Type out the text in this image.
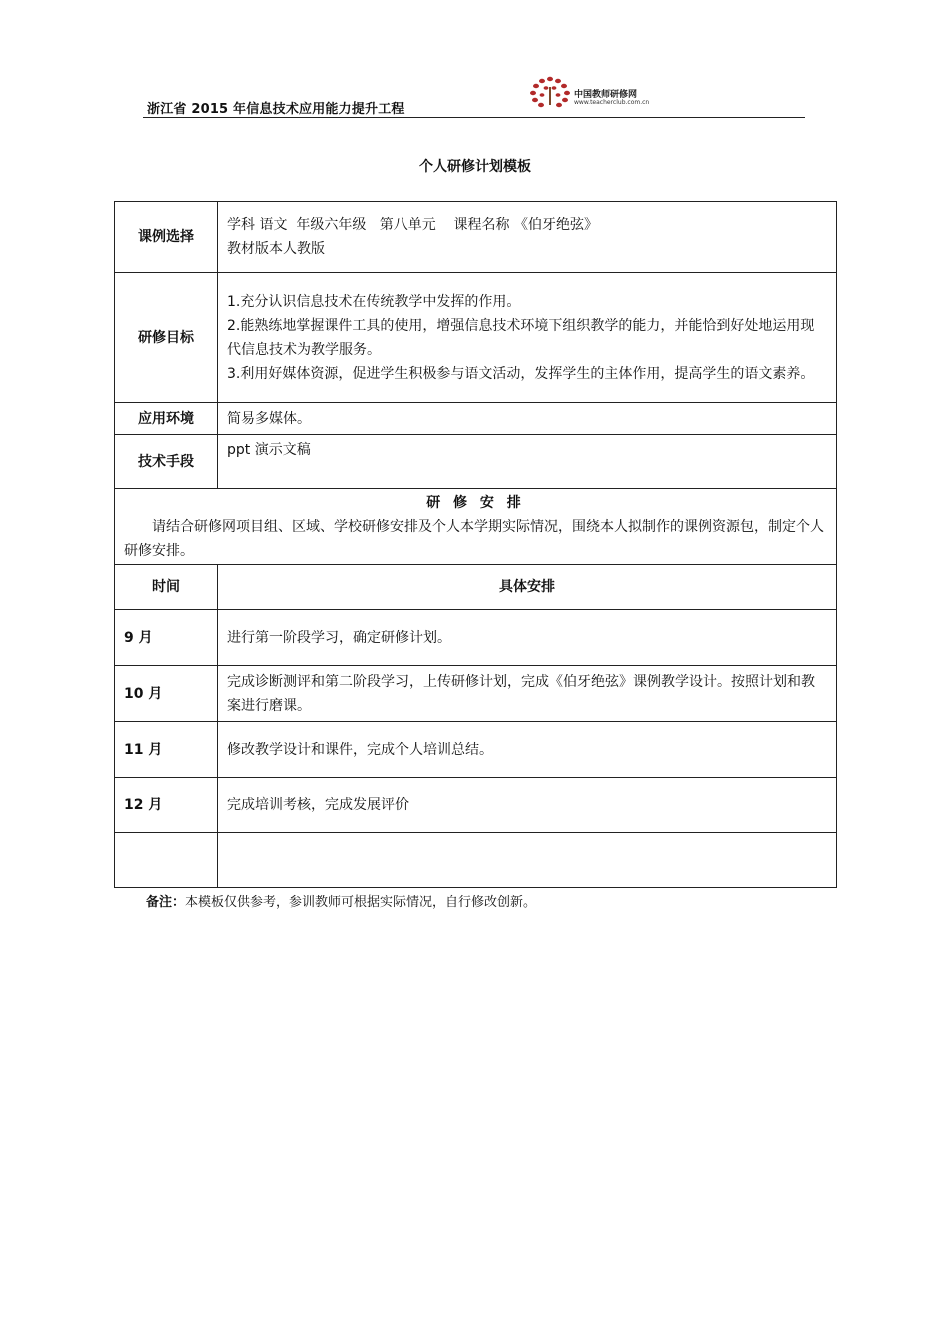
浙江省 2015 年信息技术应用能力提升工程
中国教师研修网
www.teacherclub.com.cn
个人研修计划模板
课例选择	学科 语文  年级六年级   第八单元    课程名称 《伯牙绝弦》
教材版本人教版

研修目标	1.充分认识信息技术在传统教学中发挥的作用。
2.能熟练地掌握课件工具的使用，增强信息技术环境下组织教学的能力，并能恰到好处地运用现代信息技术为教学服务。
3.利用好媒体资源，促进学生积极参与语文活动，发挥学生的主体作用，提高学生的语文素养。

应用环境	简易多媒体。
技术手段	ppt 演示文稿

研 修 安 排
请结合研修网项目组、区域、学校研修安排及个人本学期实际情况，围绕本人拟制作的课例资源包，制定个人研修安排。	

时间	具体安排
9 月	进行第一阶段学习，确定研修计划。
10 月	完成诊断测评和第二阶段学习，上传研修计划，完成《伯牙绝弦》课例教学设计。按照计划和教案进行磨课。
11 月	修改教学设计和课件，完成个人培训总结。
12 月	完成培训考核，完成发展评价

备注：本模板仅供参考，参训教师可根据实际情况，自行修改创新。
